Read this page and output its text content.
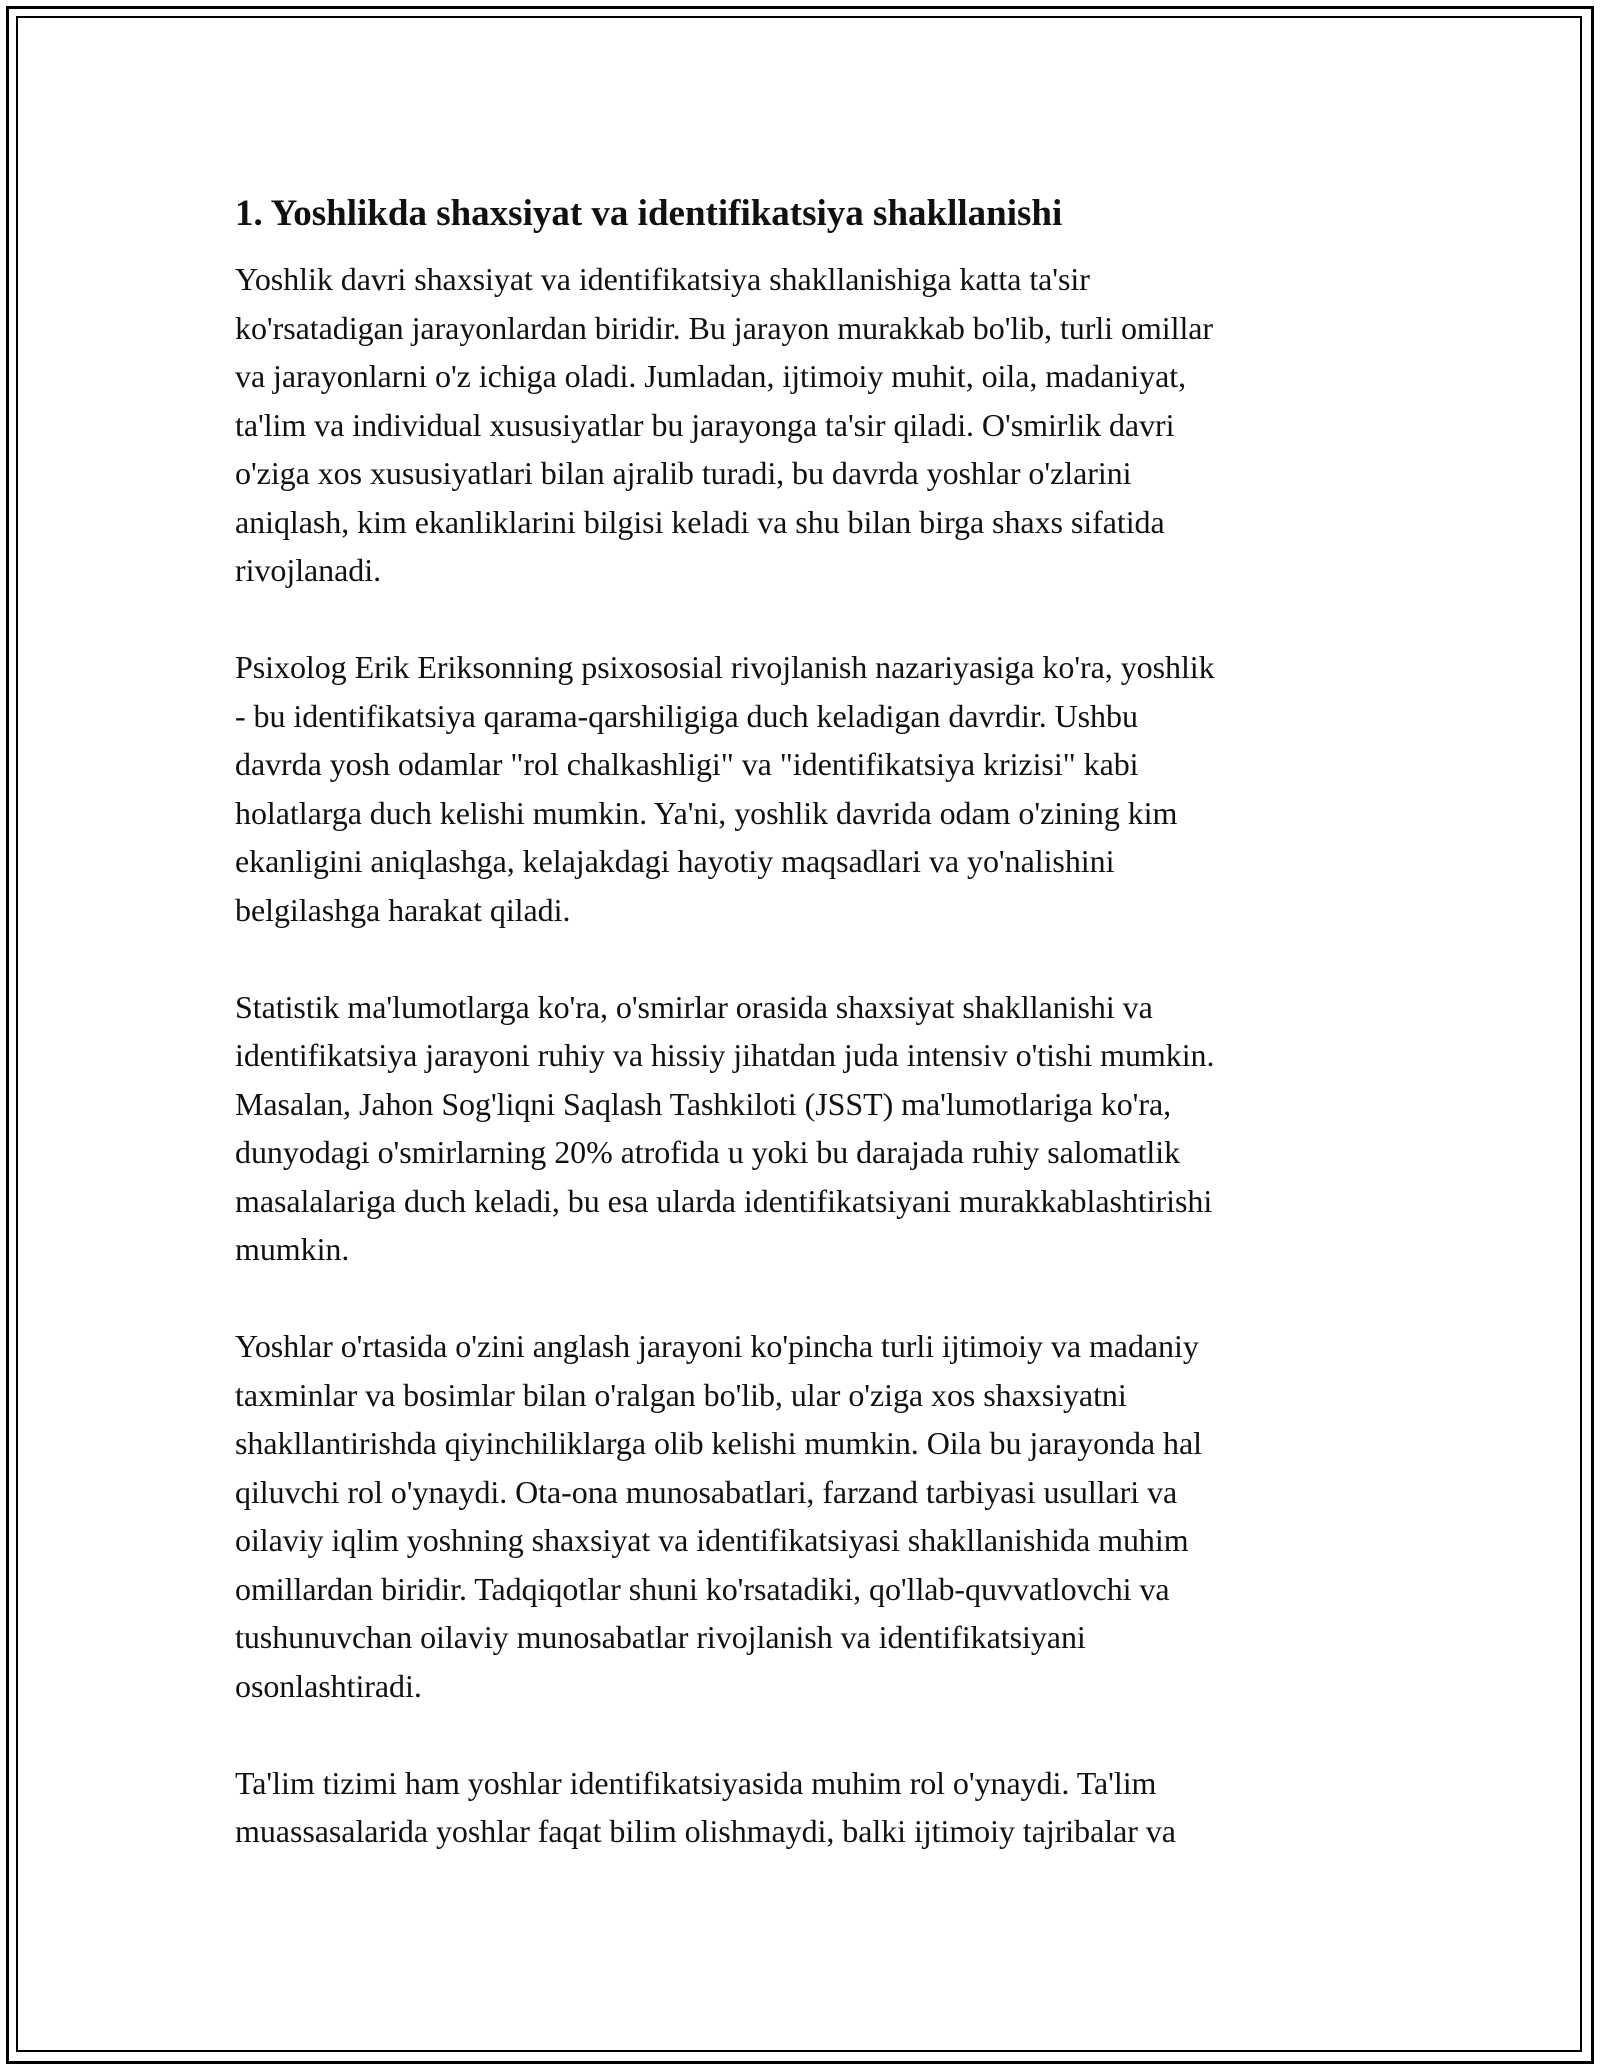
1. Yoshlikda shaxsiyat va identifikatsiya shakllanishi

Yoshlik davri shaxsiyat va identifikatsiya shakllanishiga katta ta'sir
ko'rsatadigan jarayonlardan biridir. Bu jarayon murakkab bo'lib, turli omillar
va jarayonlarni o'z ichiga oladi. Jumladan, ijtimoiy muhit, oila, madaniyat,
ta'lim va individual xususiyatlar bu jarayonga ta'sir qiladi. O'smirlik davri
o'ziga xos xususiyatlari bilan ajralib turadi, bu davrda yoshlar o'zlarini
aniqlash, kim ekanliklarini bilgisi keladi va shu bilan birga shaxs sifatida
rivojlanadi.

Psixolog Erik Eriksonning psixososial rivojlanish nazariyasiga ko'ra, yoshlik
- bu identifikatsiya qarama-qarshiligiga duch keladigan davrdir. Ushbu
davrda yosh odamlar "rol chalkashligi" va "identifikatsiya krizisi" kabi
holatlarga duch kelishi mumkin. Ya'ni, yoshlik davrida odam o'zining kim
ekanligini aniqlashga, kelajakdagi hayotiy maqsadlari va yo'nalishini
belgilashga harakat qiladi.

Statistik ma'lumotlarga ko'ra, o'smirlar orasida shaxsiyat shakllanishi va
identifikatsiya jarayoni ruhiy va hissiy jihatdan juda intensiv o'tishi mumkin.
Masalan, Jahon Sog'liqni Saqlash Tashkiloti (JSST) ma'lumotlariga ko'ra,
dunyodagi o'smirlarning 20% atrofida u yoki bu darajada ruhiy salomatlik
masalalariga duch keladi, bu esa ularda identifikatsiyani murakkablashtirishi
mumkin.

Yoshlar o'rtasida o'zini anglash jarayoni ko'pincha turli ijtimoiy va madaniy
taxminlar va bosimlar bilan o'ralgan bo'lib, ular o'ziga xos shaxsiyatni
shakllantirishda qiyinchiliklarga olib kelishi mumkin. Oila bu jarayonda hal
qiluvchi rol o'ynaydi. Ota-ona munosabatlari, farzand tarbiyasi usullari va
oilaviy iqlim yoshning shaxsiyat va identifikatsiyasi shakllanishida muhim
omillardan biridir. Tadqiqotlar shuni ko'rsatadiki, qo'llab-quvvatlovchi va
tushunuvchan oilaviy munosabatlar rivojlanish va identifikatsiyani
osonlashtiradi.

Ta'lim tizimi ham yoshlar identifikatsiyasida muhim rol o'ynaydi. Ta'lim
muassasalarida yoshlar faqat bilim olishmaydi, balki ijtimoiy tajribalar va
